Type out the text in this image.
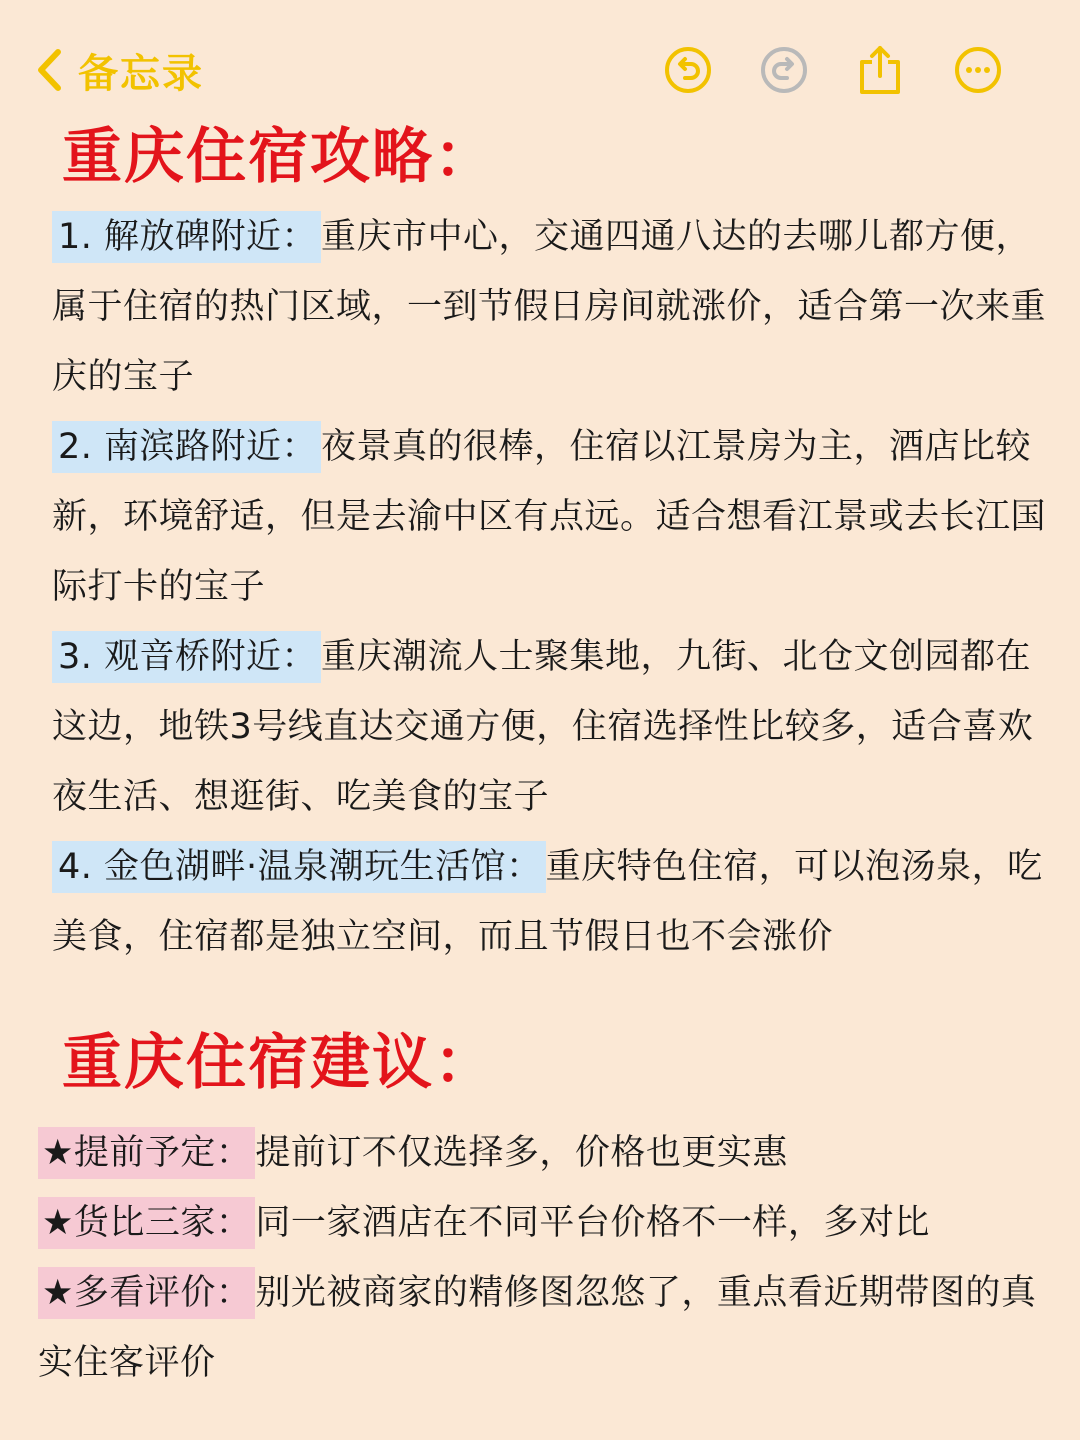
备忘录
重庆住宿攻略：

1. 解放碑附近： 重庆市中心，交通四通八达的去哪儿都方便，属于住宿的热门区域，一到节假日房间就涨价，适合第一次来重庆的宝子

2. 南滨路附近： 夜景真的很棒，住宿以江景房为主，酒店比较新，环境舒适，但是去渝中区有点远。适合想看江景或去长江国际打卡的宝子

3. 观音桥附近： 重庆潮流人士聚集地，九街、北仓文创园都在这边，地铁3号线直达交通方便，住宿选择性比较多，适合喜欢夜生活、想逛街、吃美食的宝子

4. 金色湖畔·温泉潮玩生活馆： 重庆特色住宿，可以泡汤泉，吃美食，住宿都是独立空间，而且节假日也不会涨价

重庆住宿建议：

★提前予定： 提前订不仅选择多，价格也更实惠

★货比三家： 同一家酒店在不同平台价格不一样，多对比

★多看评价： 别光被商家的精修图忽悠了，重点看近期带图的真实住客评价
